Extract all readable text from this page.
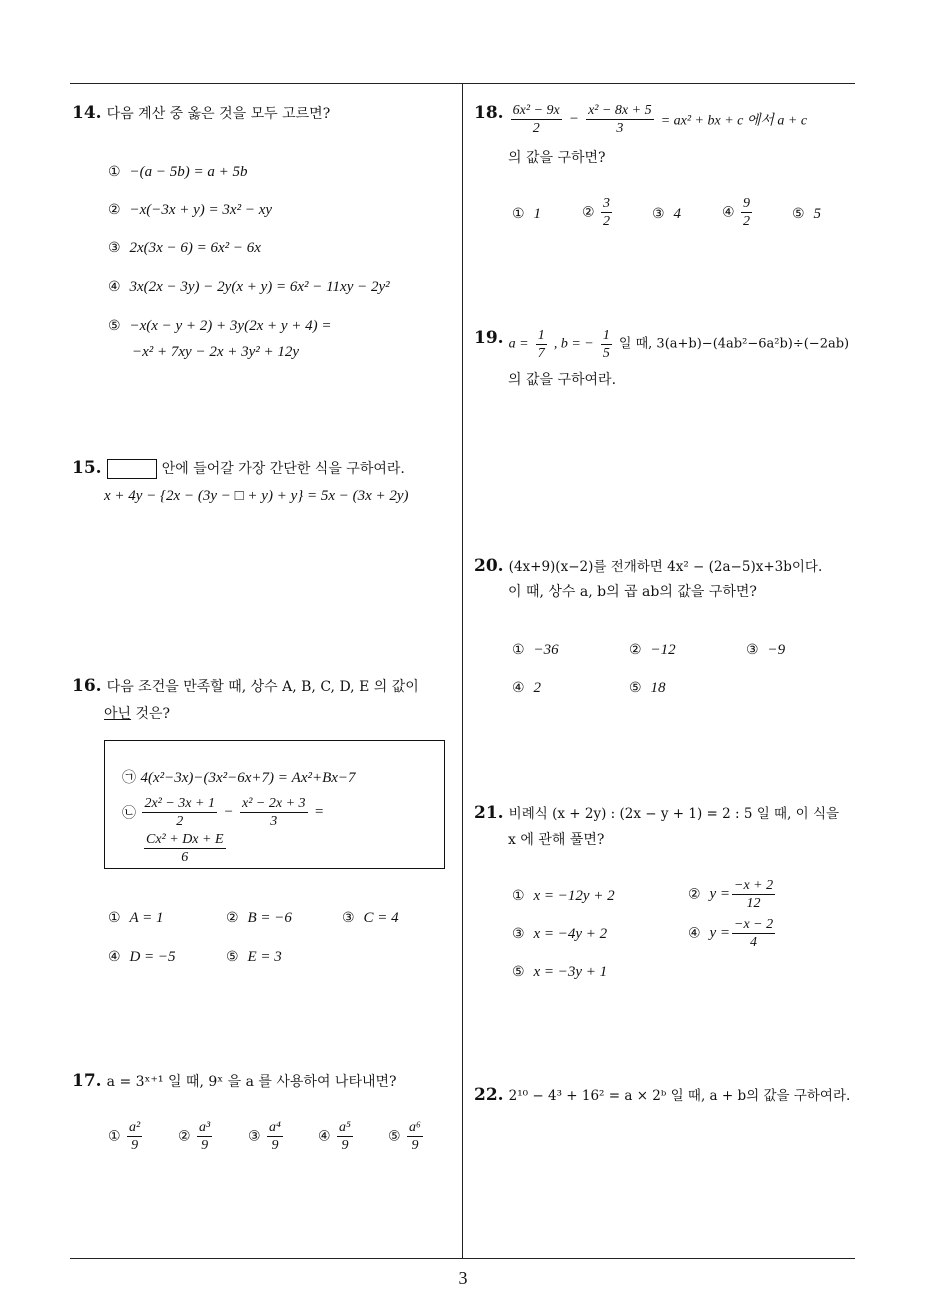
14. 다음 계산 중 옳은 것을 모두 고르면?
① −(a − 5b) = a + 5b
② −x(−3x + y) = 3x² − xy
③ 2x(3x − 6) = 6x² − 6x
④ 3x(2x − 3y) − 2y(x + y) = 6x² − 11xy − 2y²
⑤ −x(x − y + 2) + 3y(2x + y + 4) =
−x² + 7xy − 2x + 3y² + 12y
15.	안에 들어갈 가장 간단한 식을 구하여라.
x + 4y − {2x − (3y − □ + y) + y} = 5x − (3x + 2y)
16. 다음 조건을 만족할 때, 상수 A, B, C, D, E 의 값이
아닌 것은?
㉠ 4(x²−3x)−(3x²−6x+7) = Ax²+Bx−7
㉡ $\frac{\text{2x² − 3x + 1}}{2} - \frac{\text{x² − 2x + 3}}{3}$ =
$\frac{\text{Cx² + Dx + E}}{6}$
① A = 1	② B = −6	③ C = 4
④ D = −5	⑤ E = 3
17. a = 3ˣ⁺¹ 일 때, 9ˣ 을 a 를 사용하여 나타내면?
① $\frac{\text{a²}}{9}$	② $\frac{\text{a³}}{9}$	③ $\frac{\text{a⁴}}{9}$	④ $\frac{\text{a⁵}}{9}$	⑤ $\frac{\text{a⁶}}{9}$
18. $\frac{\text{6x² − 9x}}{2} - \frac{\text{x² − 8x + 5}}{3} = ax^2$ + bx + c 에서 a + c
의 값을 구하면?
① 1	② $\frac{3}{2}$	③ 4	④ $\frac{9}{2}$	⑤ 5
19. $a = \frac{1}{7}$ , b = − $\frac{1}{5}$ 일 때, 3(a+b)−(4ab²−6a²b)÷(−2ab)
의 값을 구하여라.
20. (4x+9)(x−2)를 전개하면 4x² − (2a−5)x+3b이다.
이 때, 상수 a, b의 곱 ab의 값을 구하면?
① −36	② −12	③ −9
④ 2	⑤ 18
21. 비례식 (x + 2y) : (2x − y + 1) = 2 : 5 일 때, 이 식을
x 에 관해 풀면?
① x = −12y + 2	② $y = \frac{-x + 2}{12}$
③ x = −4y + 2	④ $y = \frac{-x - 2}{4}$
⑤ x = −3y + 1
22. 2¹⁰ − 4³ + 16² = a × 2ᵇ 일 때, a + b의 값을 구하여라.
3
